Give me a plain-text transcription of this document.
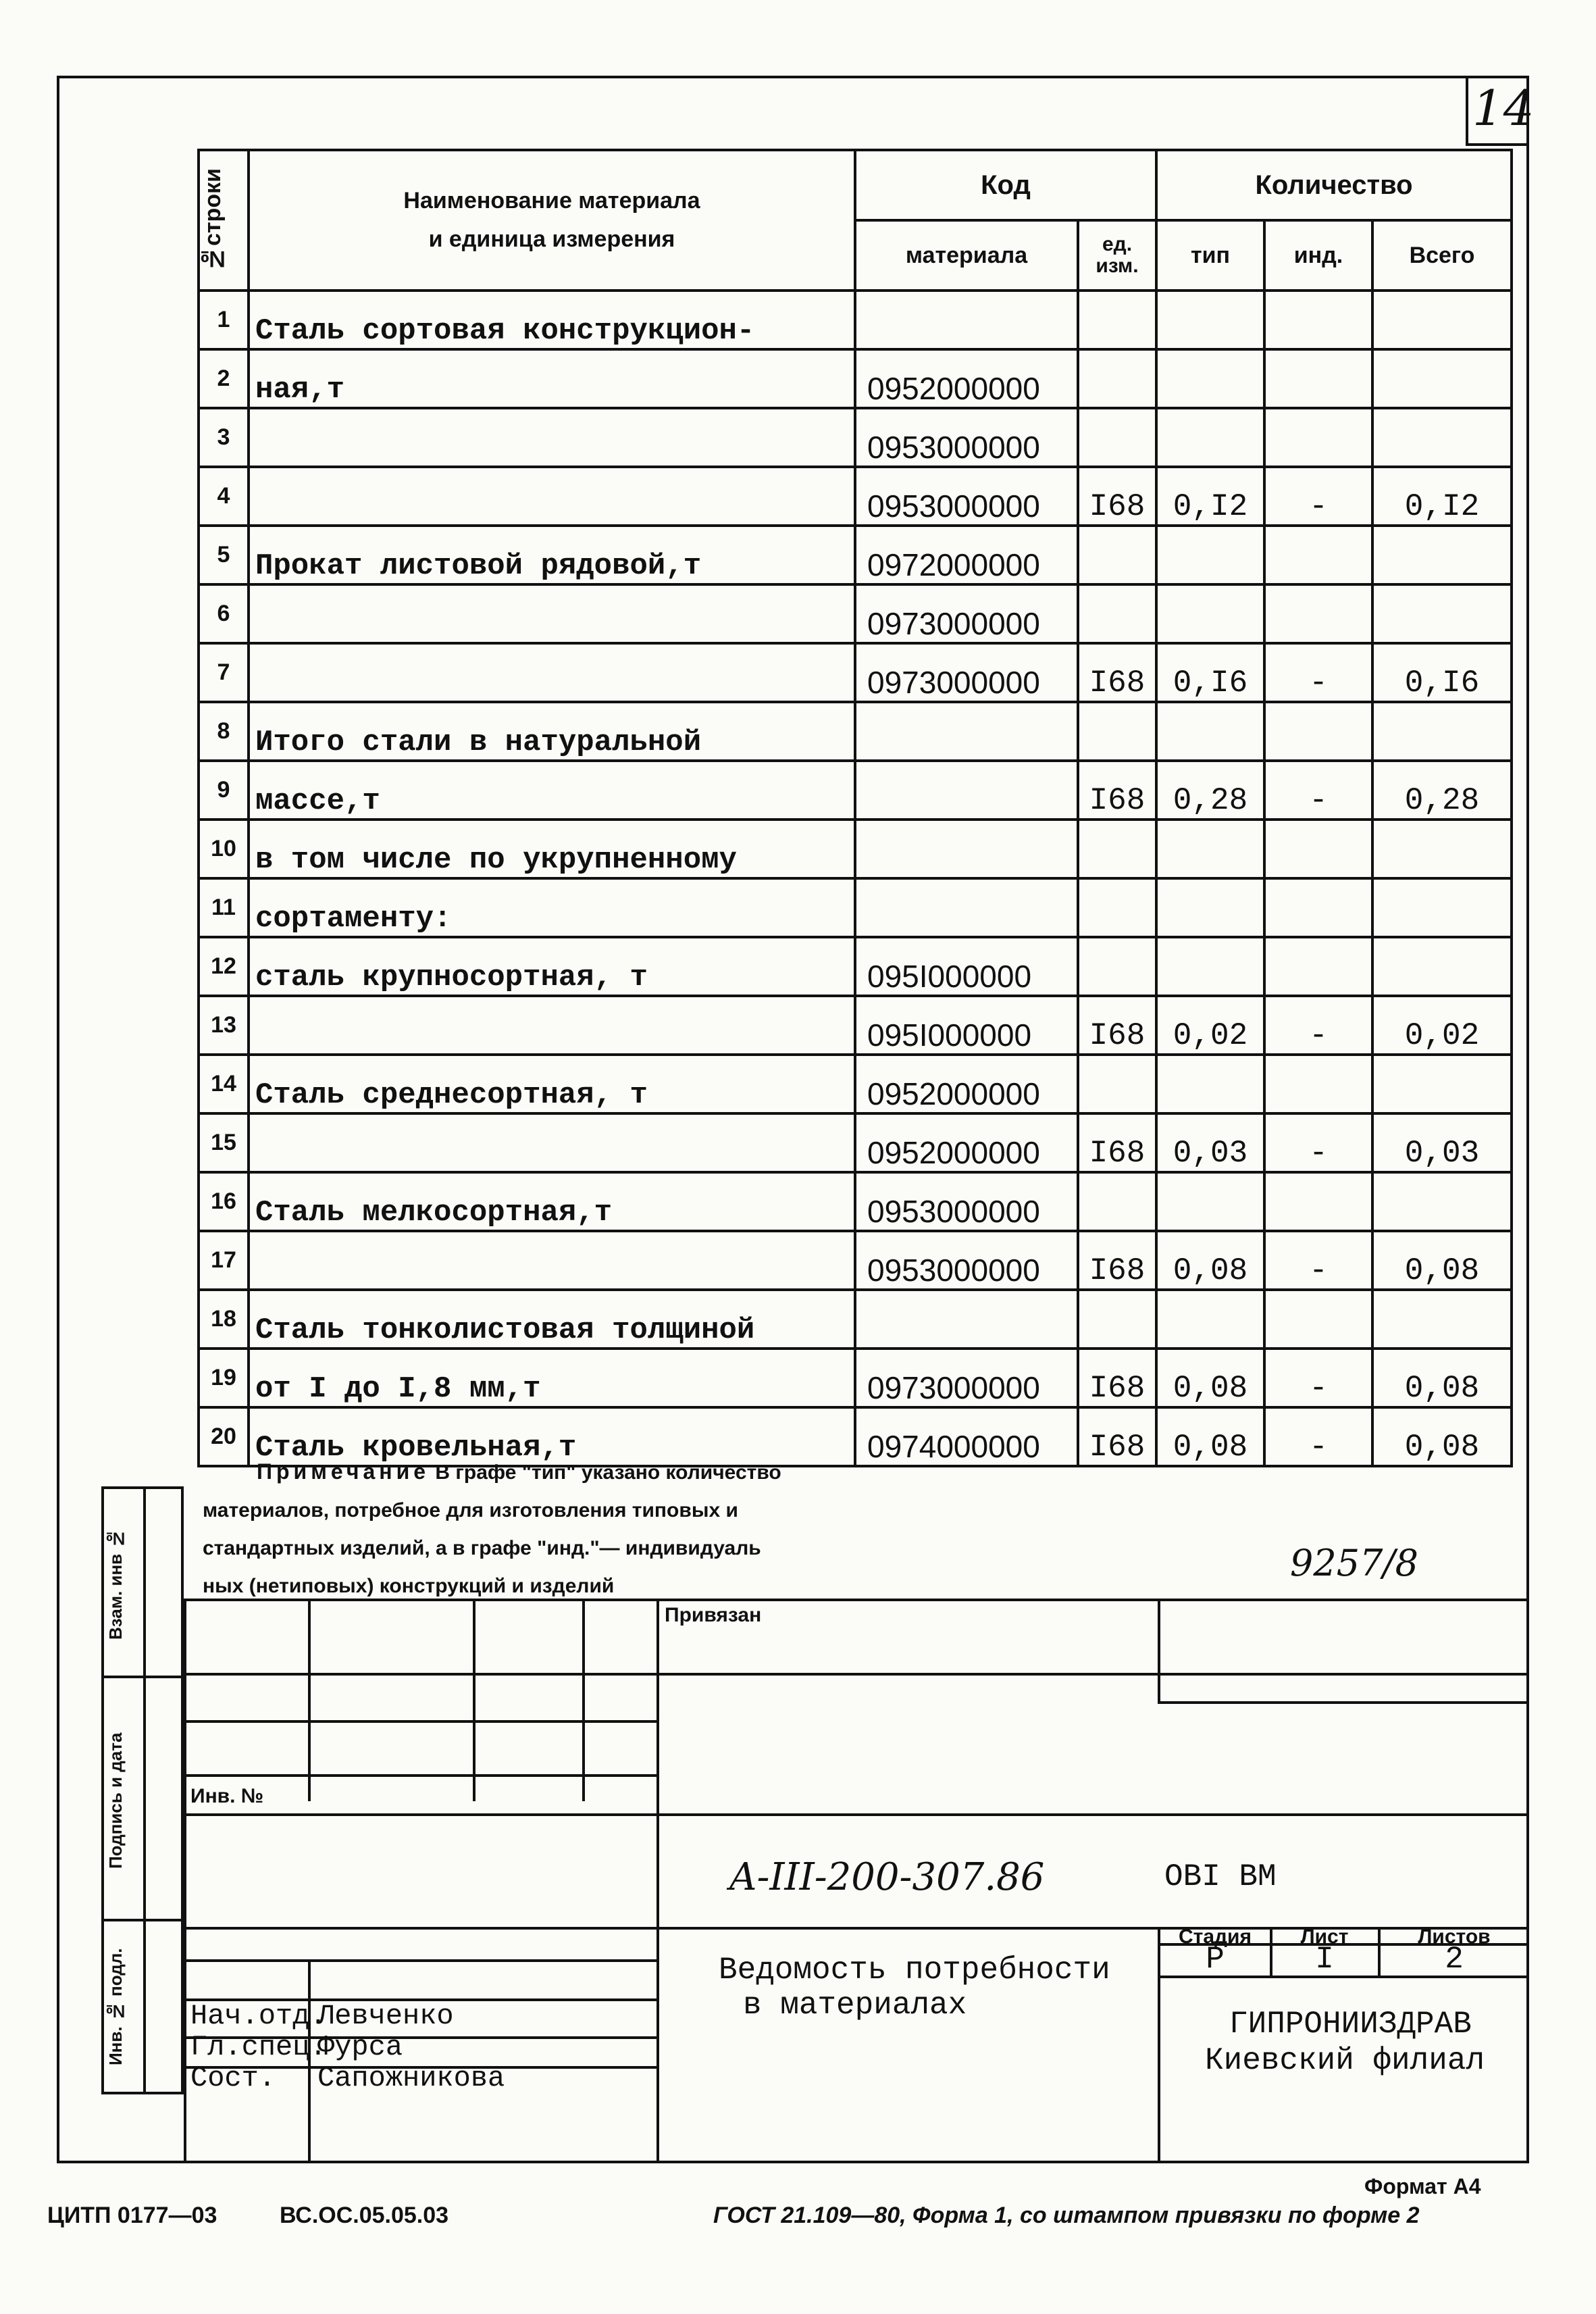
14
№строки	Наименование материала
и единица измерения	Код		Количество		
		материала	ед. изм.	тип	инд.	Всего
1	Сталь сортовая конструкцион-					
2	ная,т	0952000000				
3		0953000000				
4		0953000000	I68	0,I2	-	0,I2
5	Прокат листовой рядовой,т	0972000000				
6		0973000000				
7		0973000000	I68	0,I6	-	0,I6
8	Итого стали в натуральной					
9	массе,т		I68	0,28	-	0,28
10	в том числе по укрупненному					
11	сортаменту:					
12	сталь крупносортная, т	095I000000				
13		095I000000	I68	0,02	-	0,02
14	Сталь среднесортная, т	0952000000				
15		0952000000	I68	0,03	-	0,03
16	Сталь мелкосортная,т	0953000000				
17		0953000000	I68	0,08	-	0,08
18	Сталь тонколистовая толщиной					
19	от I до I,8 мм,т	0973000000	I68	0,08	-	0,08
20	Сталь кровельная,т	0974000000	I68	0,08	-	0,08
Примечание В графе "тип" указано количество
материалов, потребное для изготовления типовых и
стандартных изделий, а в графе "инд."— индивидуаль
ных (нетиповых) конструкций и изделий
9257/8
Взам. инв №
Подпись и дата
Инв. № подл.
Привязан
Инв. №
A-III-200-307.86	OBI BM
Стадия	Лист	Листов
Р	I	2
Ведомость потребности
в материалах
ГИПРОНИИЗДРАВ
Киевский филиал
Нач.отд.
Левченко
Гл.спец.
Фурса
Сост. Сапожникова
Формат А4
ЦИТП 0177—03	ВС.ОС.05.05.03	ГОСТ 21.109—80, Форма 1, со штампом привязки по форме 2
